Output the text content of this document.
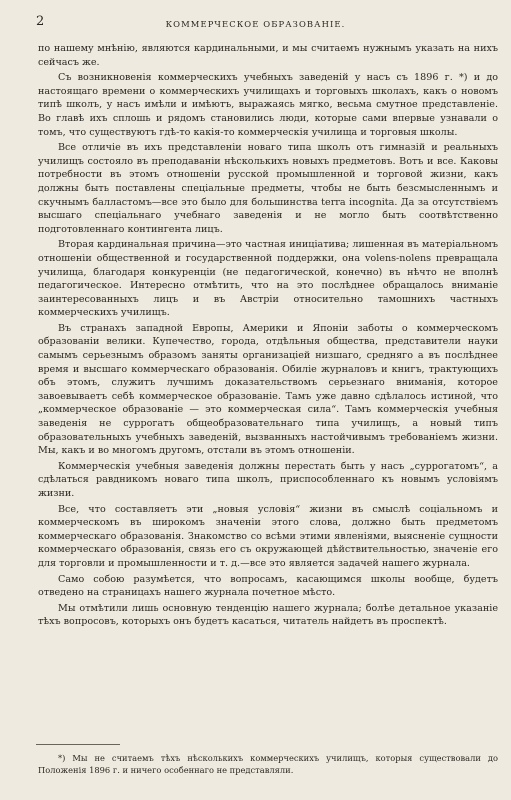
2	КОММЕРЧЕСКОЕ ОБРАЗОВАНІЕ.

по нашему мнѣнію, являются кардинальными, и мы считаемъ нужнымъ указать на нихъ сейчасъ же.

Съ возникновенія коммерческихъ учебныхъ заведеній у насъ съ 1896 г. *) и до настоящаго времени о коммерческихъ училищахъ и торговыхъ школахъ, какъ о новомъ типѣ школъ, у насъ имѣли и имѣютъ, выражаясь мягко, весьма смутное представленіе. Во главѣ ихъ сплошь и рядомъ становились люди, которые сами впервые узнавали о томъ, что существуютъ гдѣ-то какія-то коммерческія училища и торговыя школы.

Все отличіе въ ихъ представленіи новаго типа школъ отъ гимназій и реальныхъ училищъ состояло въ преподаваніи нѣсколькихъ новыхъ предметовъ. Вотъ и все. Каковы потребности въ этомъ отношеніи русской промышленной и торговой жизни, какъ должны быть поставлены спеціальные предметы, чтобы не быть безсмысленнымъ и скучнымъ балластомъ—все это было для большинства terra incognita. Да за отсутствіемъ высшаго спеціальнаго учебнаго заведенія и не могло быть соотвѣтственно подготовленнаго контингента лицъ.

Вторая кардинальная причина—это частная иниціатива; лишенная въ матеріальномъ отношеніи общественной и государственной поддержки, она volens-nolens превращала училища, благодаря конкуренціи (не педагогической, конечно) въ нѣчто не вполнѣ педагогическое. Интересно отмѣтить, что на это послѣднее обращалось вниманіе заинтересованныхъ лицъ и въ Австріи относительно тамошнихъ частныхъ коммерческихъ училищъ.

Въ странахъ западной Европы, Америки и Японіи заботы о коммерческомъ образованіи велики. Купечество, города, отдѣльныя общества, представители науки самымъ серьезнымъ образомъ заняты организаціей низшаго, средняго а въ послѣднее время и высшаго коммерческаго образованія. Обиліе журналовъ и книгъ, трактующихъ объ этомъ, служитъ лучшимъ доказательствомъ серьезнаго вниманія, которое завоевываетъ себѣ коммерческое образованіе. Тамъ уже давно сдѣлалось истиной, что „коммерческое образованіе — это коммерческая сила“. Тамъ коммерческія учебныя заведенія не суррогатъ общеобразовательнаго типа училищъ, а новый типъ образовательныхъ учебныхъ заведеній, вызванныхъ настойчивымъ требованіемъ жизни. Мы, какъ и во многомъ другомъ, отстали въ этомъ отношеніи.

Коммерческія учебныя заведенія должны перестать быть у насъ „суррогатомъ“, а сдѣлаться равдникомъ новаго типа школъ, приспособленнаго къ новымъ условіямъ жизни.

Все, что составляетъ эти „новыя условія“ жизни въ смыслѣ соціальномъ и коммерческомъ въ широкомъ значеніи этого слова, должно быть предметомъ коммерческаго образованія. Знакомство со всѣми этими явленіями, выясненіе сущности коммерческаго образованія, связь его съ окружающей дѣйствительностью, значеніе его для торговли и промышленности и т. д.—все это является задачей нашего журнала.

Само собою разумѣется, что вопросамъ, касающимся школы вообще, будетъ отведено на страницахъ нашего журнала почетное мѣсто.

Мы отмѣтили лишь основную тенденцію нашего журнала; болѣе детальное указаніе тѣхъ вопросовъ, которыхъ онъ будетъ касаться, читатель найдетъ въ проспектѣ.

*) Мы не считаемъ тѣхъ нѣсколькихъ коммерческихъ училищъ, которыя существовали до Положенія 1896 г. и ничего особеннаго не представляли.
